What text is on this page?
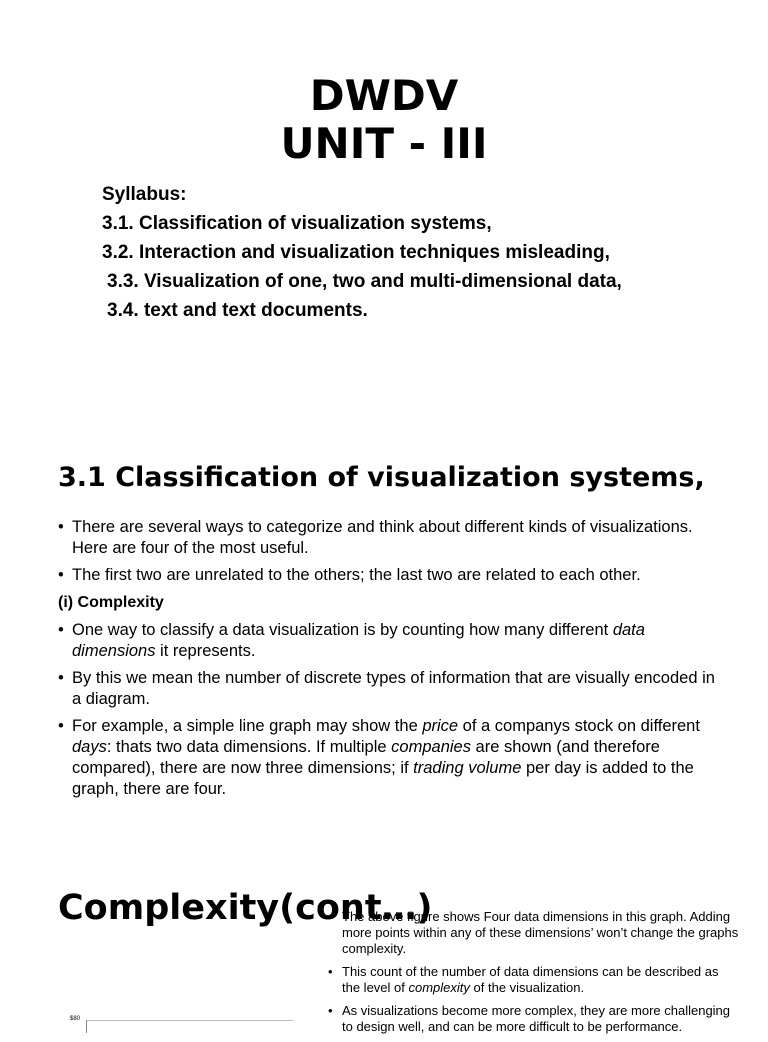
DWDV
UNIT - III
Syllabus:
3.1. Classification of visualization systems,
3.2. Interaction and visualization techniques misleading,
3.3. Visualization of one, two and multi-dimensional data,
3.4. text and text documents.
3.1 Classification of visualization systems,
• There are several ways to categorize and think about different kinds of visualizations. Here are four of the most useful.
• The first two are unrelated to the others; the last two are related to each other.
(i) Complexity
• One way to classify a data visualization is by counting how many different data dimensions it represents.
• By this we mean the number of discrete types of information that are visually encoded in a diagram.
• For example, a simple line graph may show the price of a companys stock on different days: thats two data dimensions. If multiple companies are shown (and therefore compared), there are now three dimensions; if trading volume per day is added to the graph, there are four.
Complexity(cont…)
The above figure shows Four data dimensions in this graph. Adding more points within any of these dimensions’ won’t change the graphs complexity.
• This count of the number of data dimensions can be described as the level of complexity of the visualization.
• As visualizations become more complex, they are more challenging to design well, and can be more difficult to be performance.
$80
